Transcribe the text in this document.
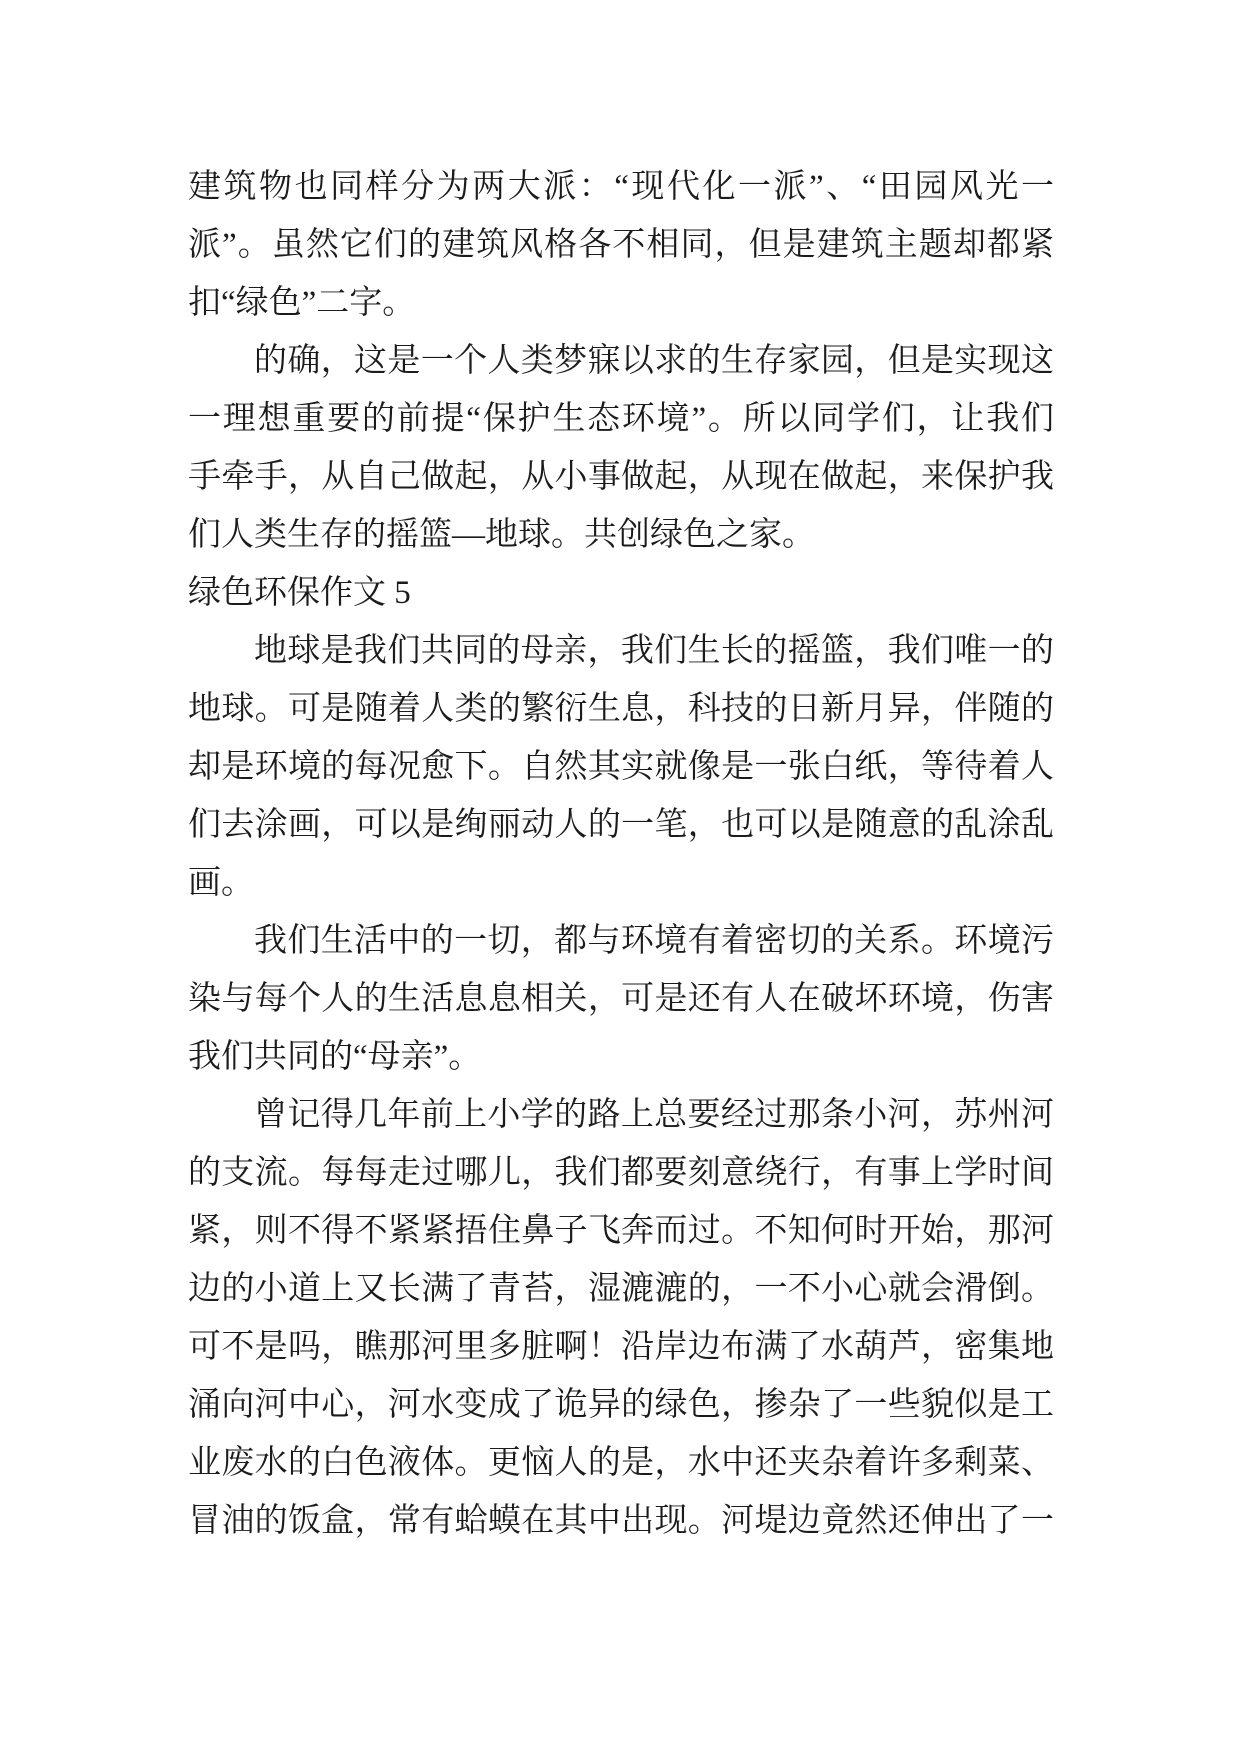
建筑物也同样分为两大派：“现代化一派”、“田园风光一
派”。虽然它们的建筑风格各不相同，但是建筑主题却都紧
扣“绿色”二字。
的确，这是一个人类梦寐以求的生存家园，但是实现这
一理想重要的前提“保护生态环境”。所以同学们，让我们
手牵手，从自己做起，从小事做起，从现在做起，来保护我
们人类生存的摇篮—地球。共创绿色之家。
绿色环保作文 5
地球是我们共同的母亲，我们生长的摇篮，我们唯一的
地球。可是随着人类的繁衍生息，科技的日新月异，伴随的
却是环境的每况愈下。自然其实就像是一张白纸，等待着人
们去涂画，可以是绚丽动人的一笔，也可以是随意的乱涂乱
画。
我们生活中的一切，都与环境有着密切的关系。环境污
染与每个人的生活息息相关，可是还有人在破坏环境，伤害
我们共同的“母亲”。
曾记得几年前上小学的路上总要经过那条小河，苏州河
的支流。每每走过哪儿，我们都要刻意绕行，有事上学时间
紧，则不得不紧紧捂住鼻子飞奔而过。不知何时开始，那河
边的小道上又长满了青苔，湿漉漉的，一不小心就会滑倒。
可不是吗，瞧那河里多脏啊！沿岸边布满了水葫芦，密集地
涌向河中心，河水变成了诡异的绿色，掺杂了一些貌似是工
业废水的白色液体。更恼人的是，水中还夹杂着许多剩菜、
冒油的饭盒，常有蛤蟆在其中出现。河堤边竟然还伸出了一
